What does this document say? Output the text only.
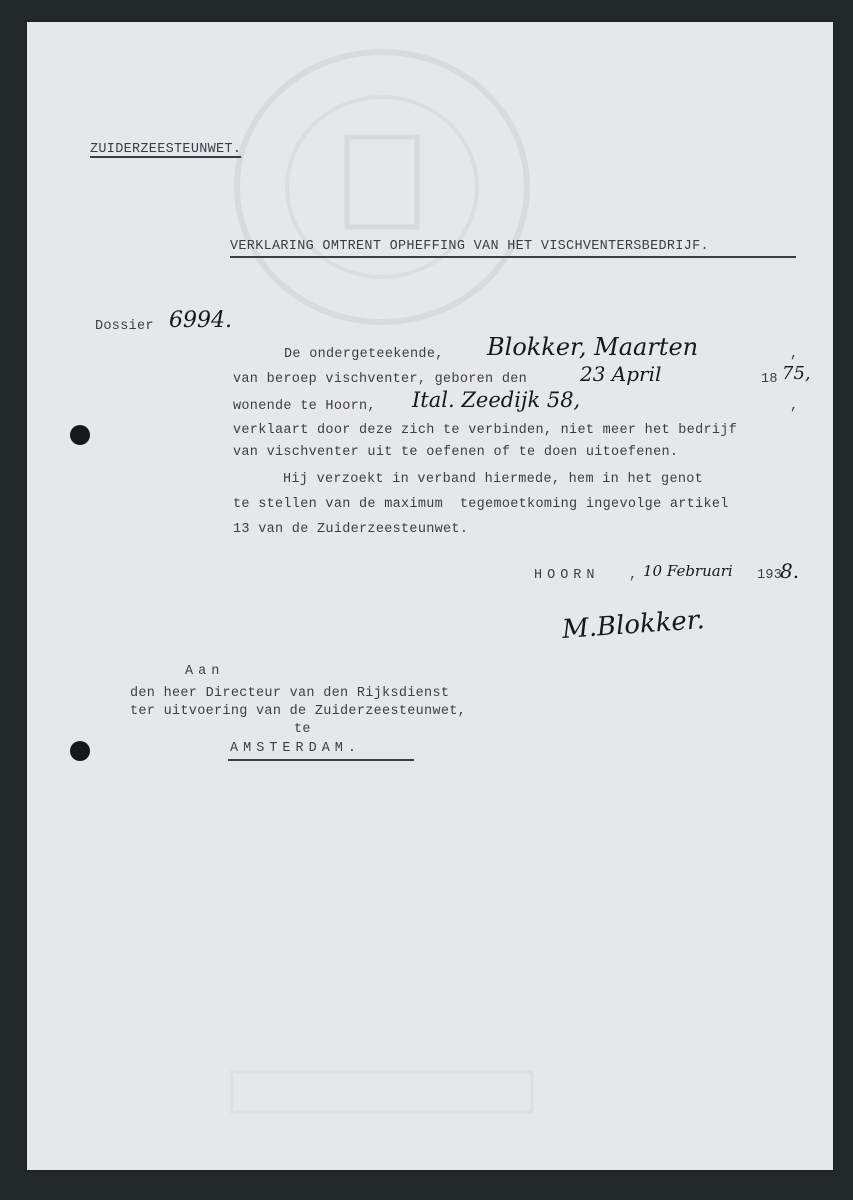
ZUIDERZEESTEUNWET.
VERKLARING OMTRENT OPHEFFING VAN HET VISCHVENTERSBEDRIJF.
Dossier 6994.
De ondergeteekende, Blokker, Maarten	,
van beroep vischventer, geboren den	23 April	18 75,
wonende te Hoorn, Ital. Zeedijk 58,	,
verklaart door deze zich te verbinden, niet meer het bedrijf
van vischventer uit te oefenen of te doen uitoefenen.
Hij verzoekt in verband hiermede, hem in het genot
te stellen van de maximum  tegemoetkoming ingevolge artikel
13 van de Zuiderzeesteunwet.
HOORN , 10 Februari 193
8.
M.Blokker.
Aan
den heer Directeur van den Rijksdienst
ter uitvoering van de Zuiderzeesteunwet,
te
AMSTERDAM.
